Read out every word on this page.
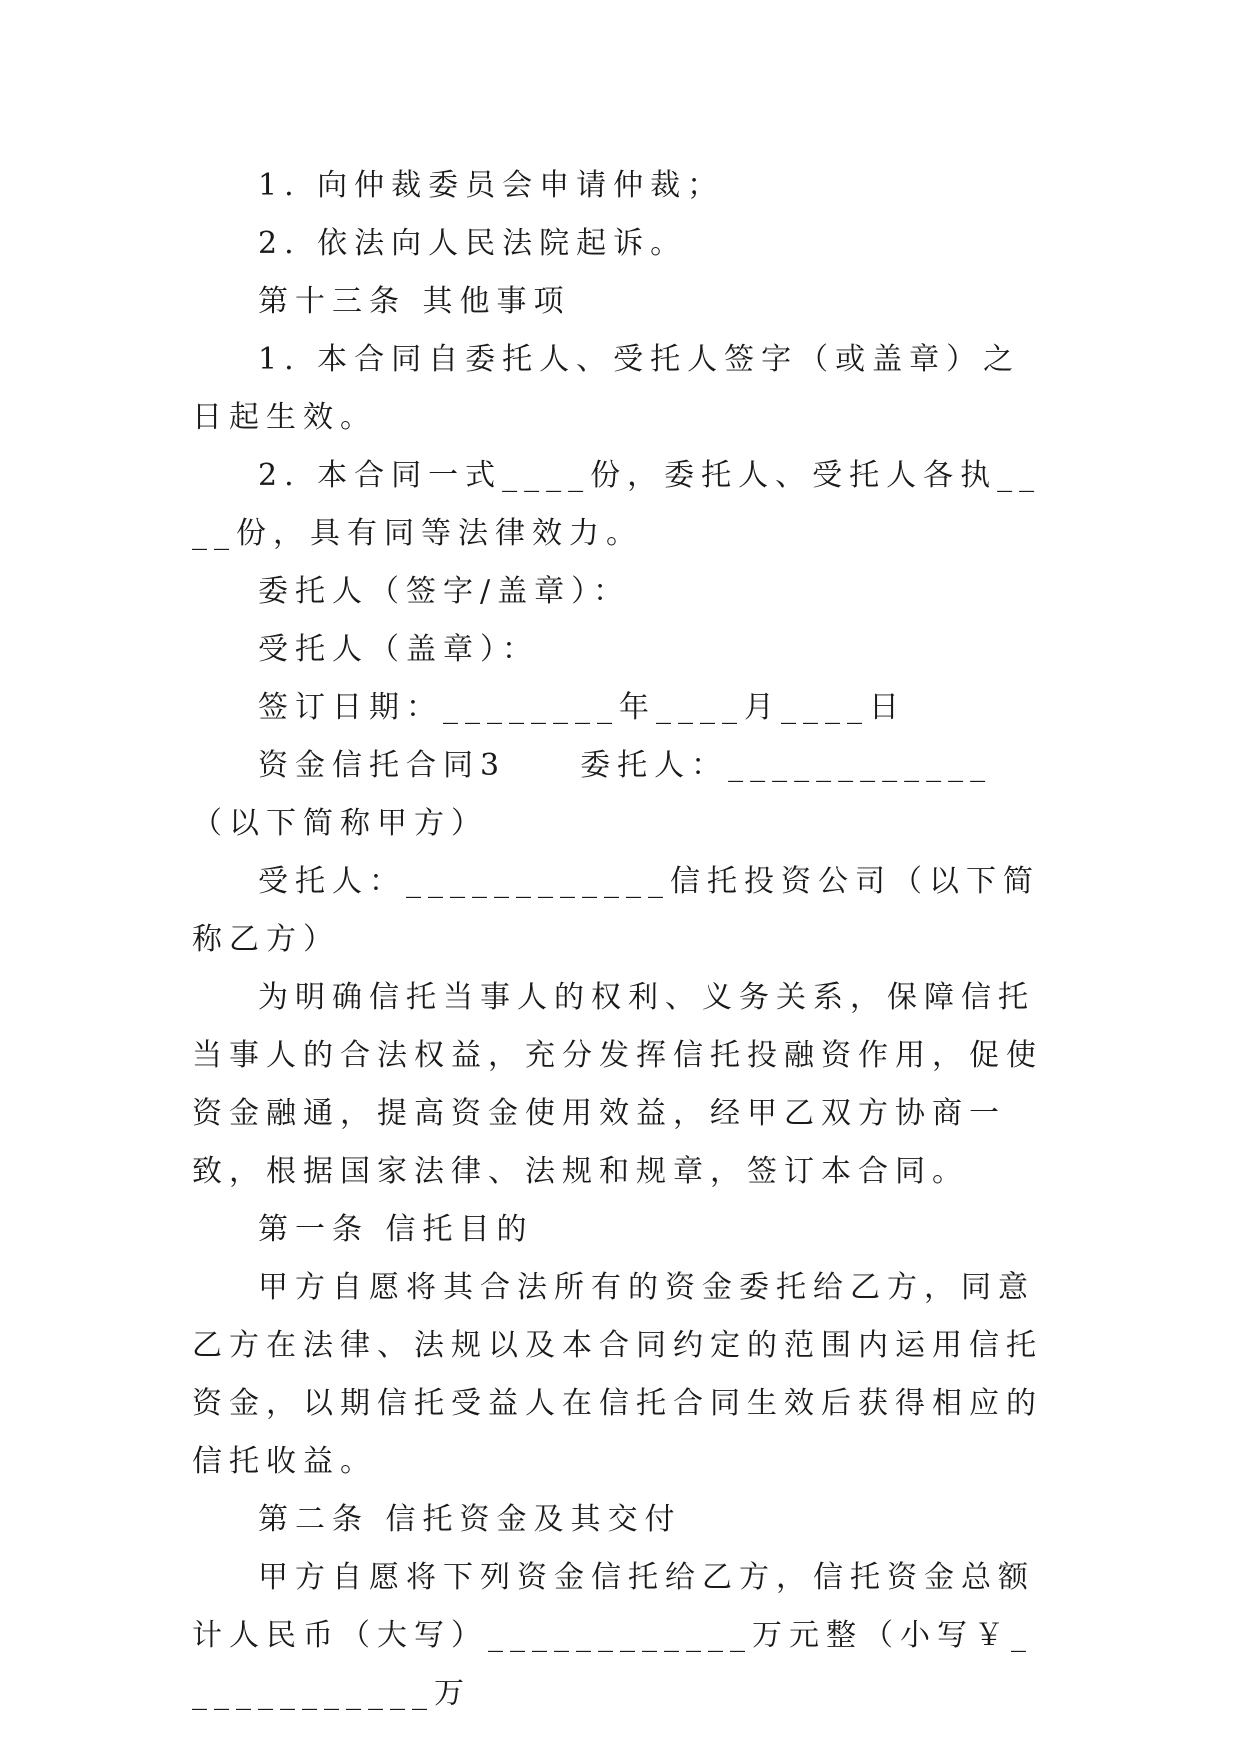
1. 向仲裁委员会申请仲裁；

2. 依法向人民法院起诉。

第十三条 其他事项

1. 本合同自委托人、受托人签字（或盖章）之日起生效。

2. 本合同一式____份，委托人、受托人各执____份，具有同等法律效力。

委托人（签字/盖章）：

受托人（盖章）：

签订日期：________年____月____日

资金信托合同3　　委托人：____________（以下简称甲方）

受托人：____________信托投资公司（以下简称乙方）

为明确信托当事人的权利、义务关系，保障信托当事人的合法权益，充分发挥信托投融资作用，促使资金融通，提高资金使用效益，经甲乙双方协商一致，根据国家法律、法规和规章，签订本合同。

第一条 信托目的

甲方自愿将其合法所有的资金委托给乙方，同意乙方在法律、法规以及本合同约定的范围内运用信托资金，以期信托受益人在信托合同生效后获得相应的信托收益。

第二条 信托资金及其交付

甲方自愿将下列资金信托给乙方，信托资金总额计人民币（大写）____________万元整（小写￥____________万
